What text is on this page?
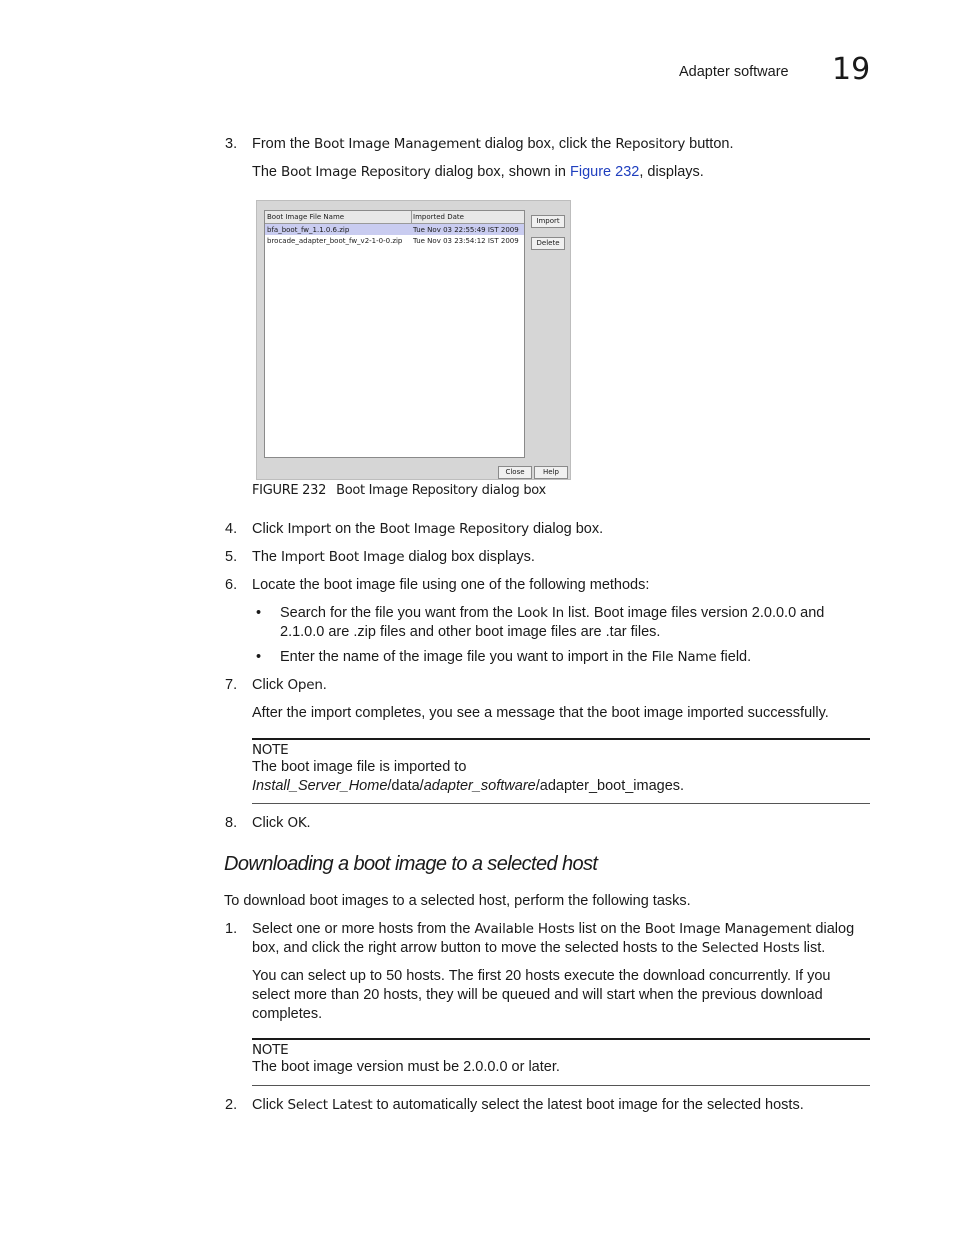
Adapter software 19
3.	From the Boot Image Management dialog box, click the Repository button.
The Boot Image Repository dialog box, shown in Figure 232, displays.
Boot Image File Name	Imported Date
bfa_boot_fw_1.1.0.6.zip	Tue Nov 03 22:55:49 IST 2009
brocade_adapter_boot_fw_v2-1-0-0.zip Tue Nov 03 23:54:12 IST 2009
Import
Delete
Close	Help
FIGURE 232 Boot Image Repository dialog box
4.	Click Import on the Boot Image Repository dialog box.
5.	The Import Boot Image dialog box displays.
6.	Locate the boot image file using one of the following methods:
• Search for the file you want from the Look In list. Boot image files version 2.0.0.0 and 2.1.0.0 are .zip files and other boot image files are .tar files.
• Enter the name of the image file you want to import in the File Name field.
7.	Click Open.
After the import completes, you see a message that the boot image imported successfully.
NOTE
The boot image file is imported to
Install_Server_Home/data/adapter_software/adapter_boot_images.
8.	Click OK.
Downloading a boot image to a selected host
To download boot images to a selected host, perform the following tasks.
1.	Select one or more hosts from the Available Hosts list on the Boot Image Management dialog box, and click the right arrow button to move the selected hosts to the Selected Hosts list.
You can select up to 50 hosts. The first 20 hosts execute the download concurrently. If you select more than 20 hosts, they will be queued and will start when the previous download completes.
NOTE
The boot image version must be 2.0.0.0 or later.
2.	Click Select Latest to automatically select the latest boot image for the selected hosts.
